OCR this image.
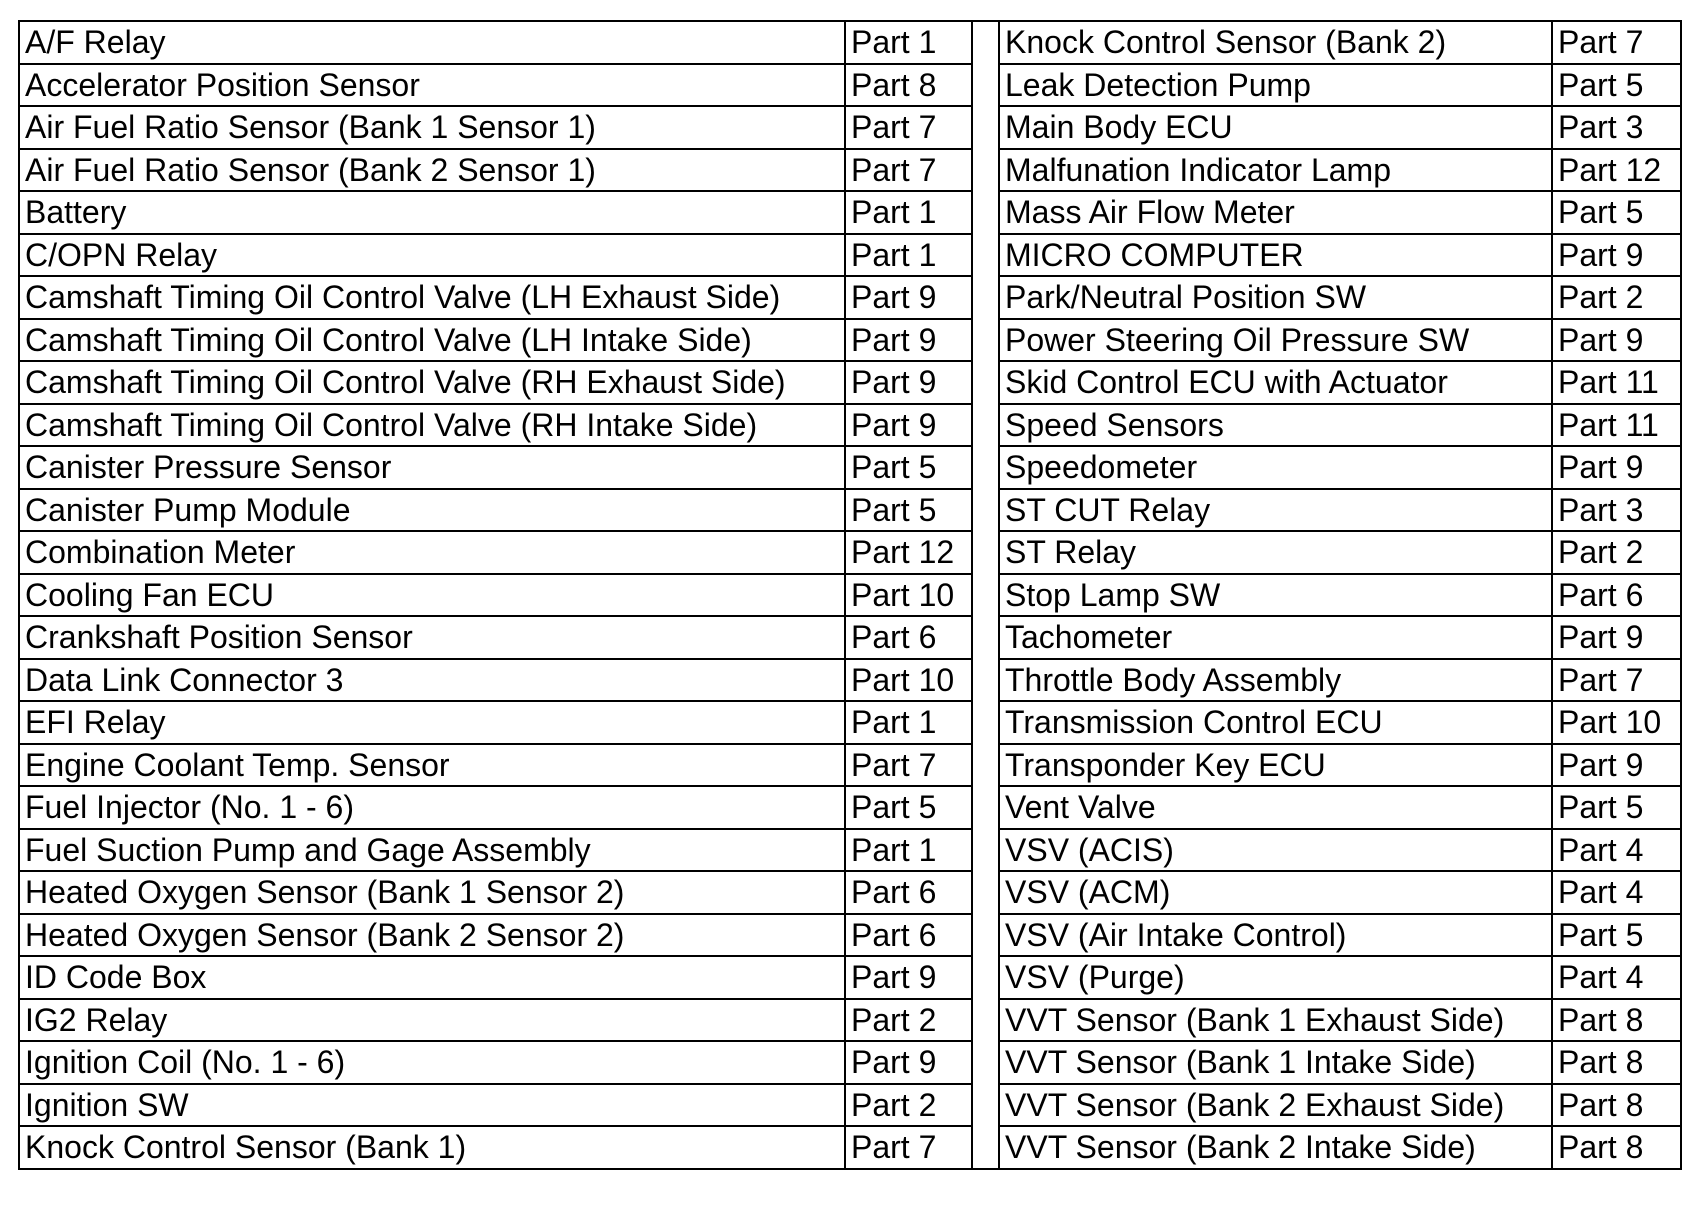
A/F Relay	Part 1		Knock Control Sensor (Bank 2)	Part 7
Accelerator Position Sensor	Part 8		Leak Detection Pump	Part 5
Air Fuel Ratio Sensor (Bank 1 Sensor 1)	Part 7		Main Body ECU	Part 3
Air Fuel Ratio Sensor (Bank 2 Sensor 1)	Part 7		Malfunation Indicator Lamp	Part 12
Battery	Part 1		Mass Air Flow Meter	Part 5
C/OPN Relay	Part 1		MICRO COMPUTER	Part 9
Camshaft Timing Oil Control Valve (LH Exhaust Side)	Part 9		Park/Neutral Position SW	Part 2
Camshaft Timing Oil Control Valve (LH Intake Side)	Part 9		Power Steering Oil Pressure SW	Part 9
Camshaft Timing Oil Control Valve (RH Exhaust Side)	Part 9		Skid Control ECU with Actuator	Part 11
Camshaft Timing Oil Control Valve (RH Intake Side)	Part 9		Speed Sensors	Part 11
Canister Pressure Sensor	Part 5		Speedometer	Part 9
Canister Pump Module	Part 5		ST CUT Relay	Part 3
Combination Meter	Part 12		ST Relay	Part 2
Cooling Fan ECU	Part 10		Stop Lamp SW	Part 6
Crankshaft Position Sensor	Part 6		Tachometer	Part 9
Data Link Connector 3	Part 10		Throttle Body Assembly	Part 7
EFI Relay	Part 1		Transmission Control ECU	Part 10
Engine Coolant Temp. Sensor	Part 7		Transponder Key ECU	Part 9
Fuel Injector (No. 1 - 6)	Part 5		Vent Valve	Part 5
Fuel Suction Pump and Gage Assembly	Part 1		VSV (ACIS)	Part 4
Heated Oxygen Sensor (Bank 1 Sensor 2)	Part 6		VSV (ACM)	Part 4
Heated Oxygen Sensor (Bank 2 Sensor 2)	Part 6		VSV (Air Intake Control)	Part 5
ID Code Box	Part 9		VSV (Purge)	Part 4
IG2 Relay	Part 2		VVT Sensor (Bank 1 Exhaust Side)	Part 8
Ignition Coil (No. 1 - 6)	Part 9		VVT Sensor (Bank 1 Intake Side)	Part 8
Ignition SW	Part 2		VVT Sensor (Bank 2 Exhaust Side)	Part 8
Knock Control Sensor (Bank 1)	Part 7		VVT Sensor (Bank 2 Intake Side)	Part 8
